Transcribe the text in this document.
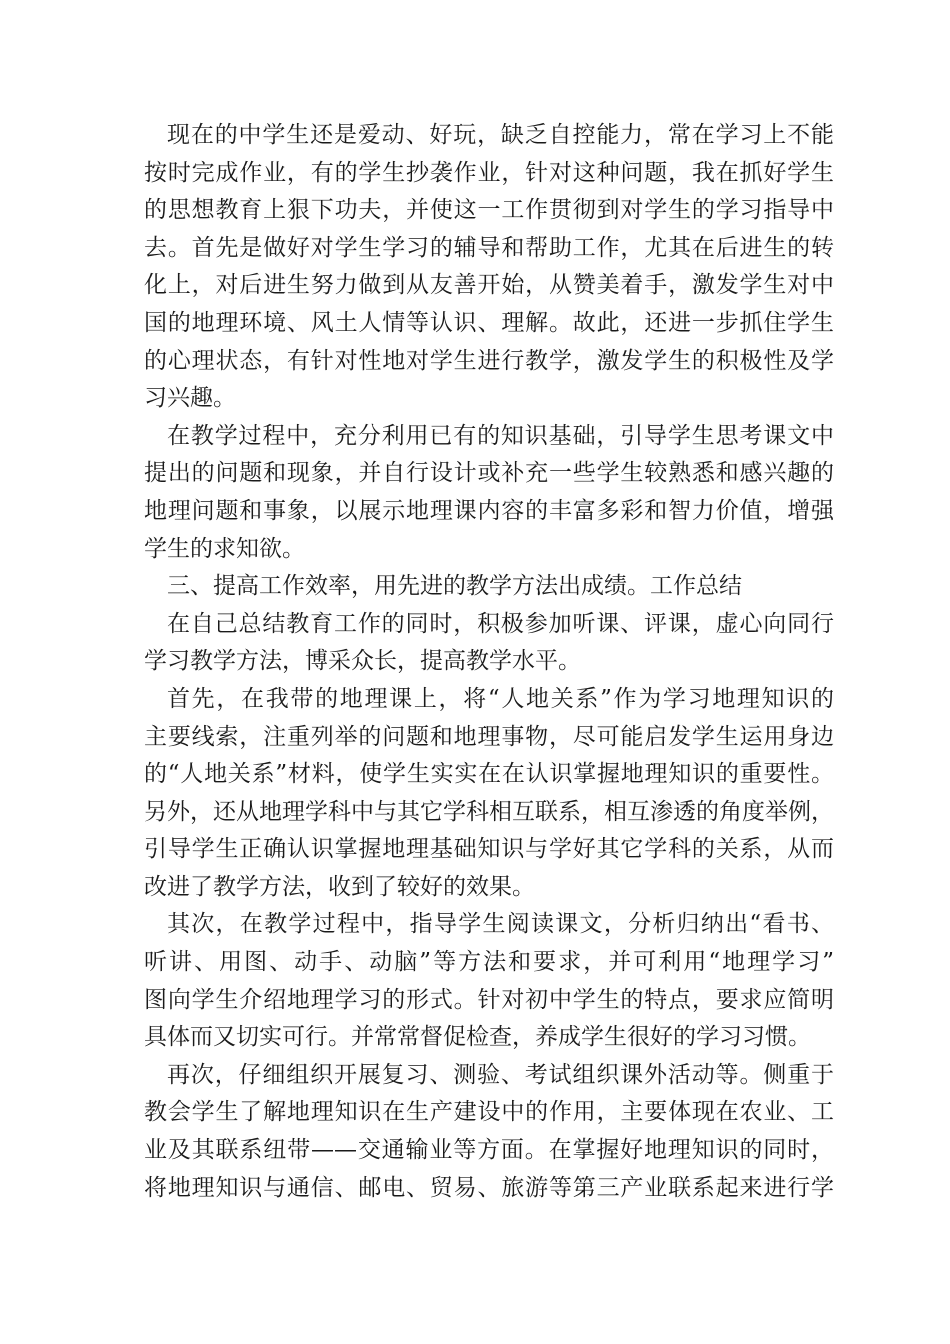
现在的中学生还是爱动、好玩，缺乏自控能力，常在学习上不能
按时完成作业，有的学生抄袭作业，针对这种问题，我在抓好学生
的思想教育上狠下功夫，并使这一工作贯彻到对学生的学习指导中
去。首先是做好对学生学习的辅导和帮助工作，尤其在后进生的转
化上，对后进生努力做到从友善开始，从赞美着手，激发学生对中
国的地理环境、风土人情等认识、理解。故此，还进一步抓住学生
的心理状态，有针对性地对学生进行教学，激发学生的积极性及学
习兴趣。
在教学过程中，充分利用已有的知识基础，引导学生思考课文中
提出的问题和现象，并自行设计或补充一些学生较熟悉和感兴趣的
地理问题和事象，以展示地理课内容的丰富多彩和智力价值，增强
学生的求知欲。
三、提高工作效率，用先进的教学方法出成绩。工作总结
在自己总结教育工作的同时，积极参加听课、评课，虚心向同行
学习教学方法，博采众长，提高教学水平。
首先，在我带的地理课上，将“人地关系”作为学习地理知识的
主要线索，注重列举的问题和地理事物，尽可能启发学生运用身边
的“人地关系”材料，使学生实实在在认识掌握地理知识的重要性。
另外，还从地理学科中与其它学科相互联系，相互渗透的角度举例，
引导学生正确认识掌握地理基础知识与学好其它学科的关系，从而
改进了教学方法，收到了较好的效果。
其次，在教学过程中，指导学生阅读课文，分析归纳出“看书、
听讲、用图、动手、动脑”等方法和要求，并可利用“地理学习”
图向学生介绍地理学习的形式。针对初中学生的特点，要求应简明
具体而又切实可行。并常常督促检查，养成学生很好的学习习惯。
再次，仔细组织开展复习、测验、考试组织课外活动等。侧重于
教会学生了解地理知识在生产建设中的作用，主要体现在农业、工
业及其联系纽带——交通输业等方面。在掌握好地理知识的同时，
将地理知识与通信、邮电、贸易、旅游等第三产业联系起来进行学
